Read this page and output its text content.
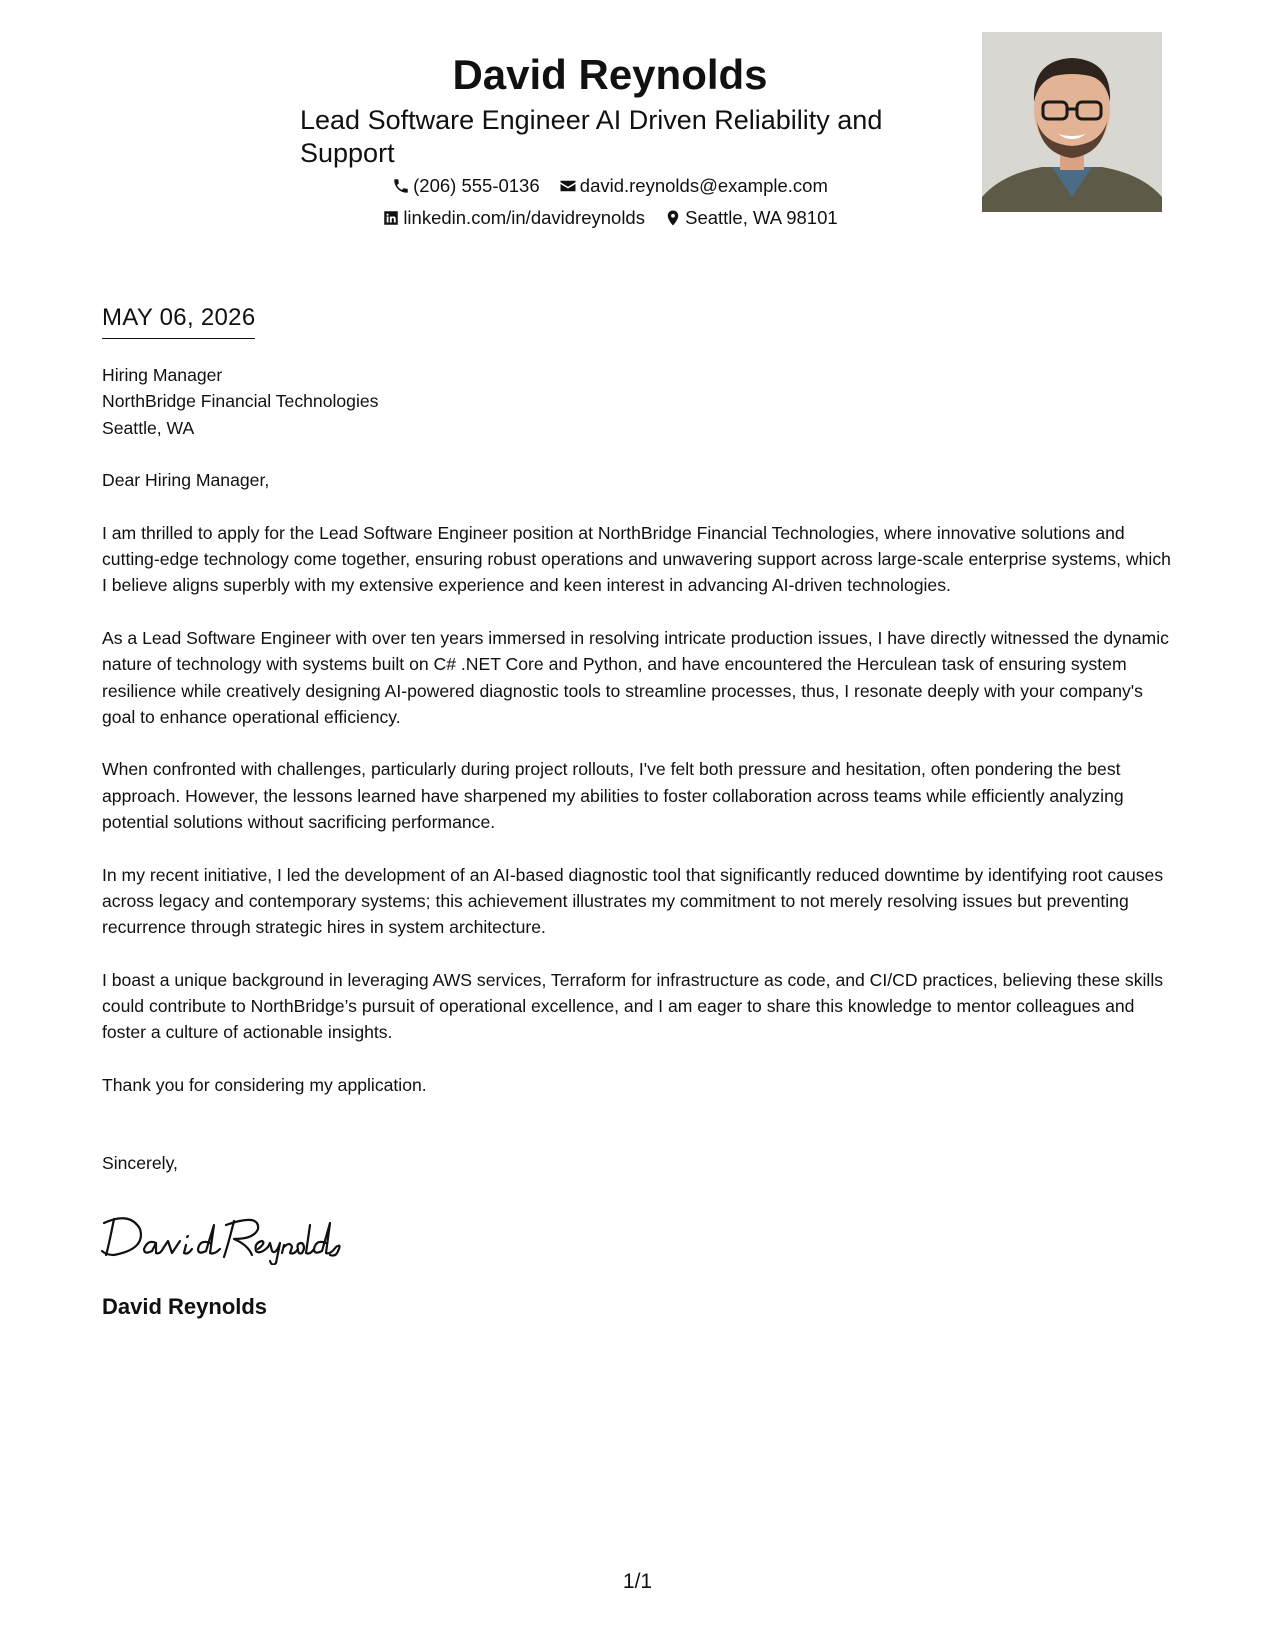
David Reynolds
Lead Software Engineer AI Driven Reliability and Support
(206) 555-0136 david.reynolds@example.com
linkedin.com/in/davidreynolds Seattle, WA 98101
MAY 06, 2026

Hiring Manager
NorthBridge Financial Technologies
Seattle, WA

Dear Hiring Manager,

I am thrilled to apply for the Lead Software Engineer position at NorthBridge Financial Technologies, where innovative solutions and cutting-edge technology come together, ensuring robust operations and unwavering support across large-scale enterprise systems, which I believe aligns superbly with my extensive experience and keen interest in advancing AI-driven technologies.

As a Lead Software Engineer with over ten years immersed in resolving intricate production issues, I have directly witnessed the dynamic nature of technology with systems built on C# .NET Core and Python, and have encountered the Herculean task of ensuring system resilience while creatively designing AI-powered diagnostic tools to streamline processes, thus, I resonate deeply with your company's goal to enhance operational efficiency.

When confronted with challenges, particularly during project rollouts, I've felt both pressure and hesitation, often pondering the best approach. However, the lessons learned have sharpened my abilities to foster collaboration across teams while efficiently analyzing potential solutions without sacrificing performance.

In my recent initiative, I led the development of an AI-based diagnostic tool that significantly reduced downtime by identifying root causes across legacy and contemporary systems; this achievement illustrates my commitment to not merely resolving issues but preventing recurrence through strategic hires in system architecture.

I boast a unique background in leveraging AWS services, Terraform for infrastructure as code, and CI/CD practices, believing these skills could contribute to NorthBridge’s pursuit of operational excellence, and I am eager to share this knowledge to mentor colleagues and foster a culture of actionable insights.

Thank you for considering my application.

Sincerely,

David Reynolds
1/1
